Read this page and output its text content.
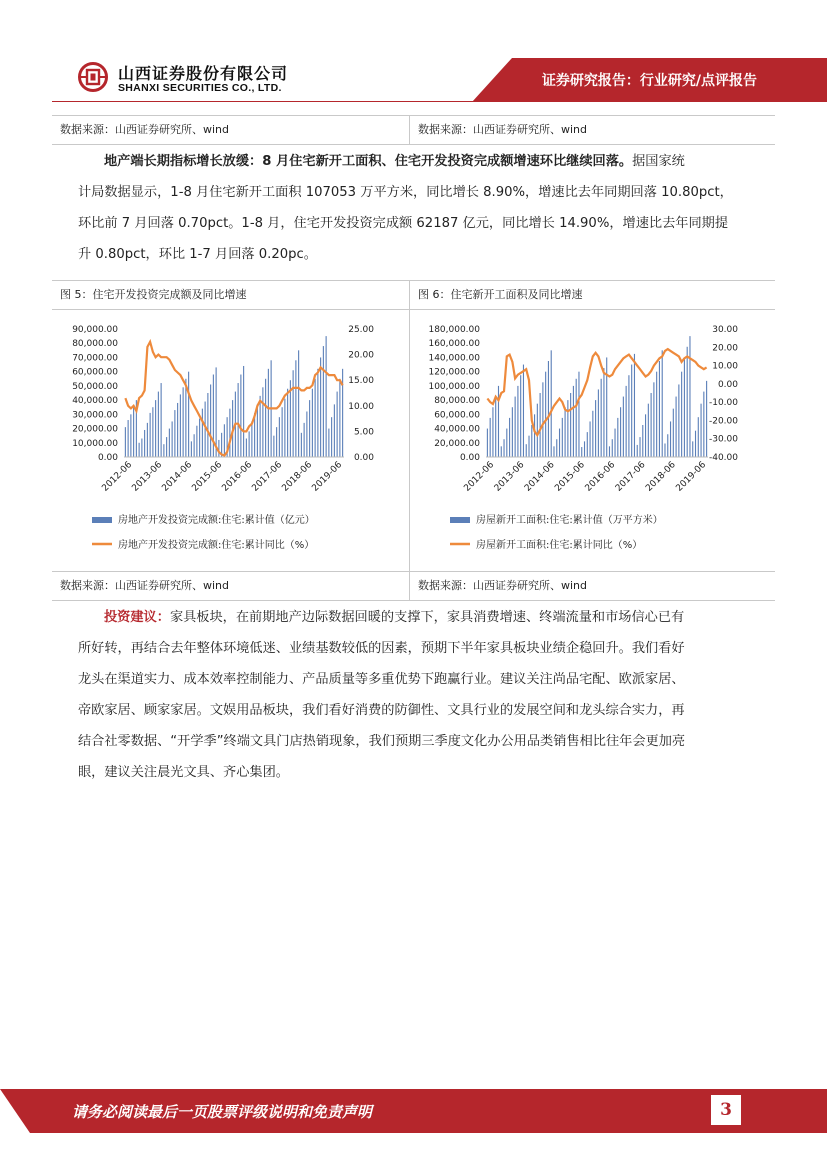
山西证券股份有限公司
SHANXI SECURITIES CO., LTD.	证券研究报告：行业研究/点评报告
数据来源：山西证券研究所、wind	数据来源：山西证券研究所、wind
地产端长期指标增长放缓：8 月住宅新开工面积、住宅开发投资完成额增速环比继续回落。据国家统
计局数据显示，1-8 月住宅新开工面积 107053 万平方米，同比增长 8.90%，增速比去年同期回落 10.80pct，
环比前 7 月回落 0.70pct。1-8 月，住宅开发投资完成额 62187 亿元，同比增长 14.90%，增速比去年同期提
升 0.80pct，环比 1-7 月回落 0.20pc。
图 5：住宅开发投资完成额及同比增速	图 6：住宅新开工面积及同比增速
90,000.00
80,000.00
70,000.00
60,000.00
50,000.00
40,000.00
30,000.00
20,000.00
10,000.00
0.00
25.00
20.00
15.00
10.00
5.00
0.00
2012-06
2013-06
2014-06
2015-06
2016-06
2017-06
2018-06
2019-06
房地产开发投资完成额:住宅:累计值（亿元）
房地产开发投资完成额:住宅:累计同比（%）
180,000.00
160,000.00
140,000.00
120,000.00
100,000.00
80,000.00
60,000.00
40,000.00
20,000.00
0.00
30.00
20.00
10.00
0.00
-10.00
-20.00
-30.00
-40.00
2012-06
2013-06
2014-06
2015-06
2016-06
2017-06
2018-06
2019-06
房屋新开工面积:住宅:累计值（万平方米）
房屋新开工面积:住宅:累计同比（%）
数据来源：山西证券研究所、wind	数据来源：山西证券研究所、wind
投资建议：家具板块，在前期地产边际数据回暖的支撑下，家具消费增速、终端流量和市场信心已有
所好转，再结合去年整体环境低迷、业绩基数较低的因素，预期下半年家具板块业绩企稳回升。我们看好
龙头在渠道实力、成本效率控制能力、产品质量等多重优势下跑赢行业。建议关注尚品宅配、欧派家居、
帝欧家居、顾家家居。文娱用品板块，我们看好消费的防御性、文具行业的发展空间和龙头综合实力，再
结合社零数据、“开学季”终端文具门店热销现象，我们预期三季度文化办公用品类销售相比往年会更加亮
眼，建议关注晨光文具、齐心集团。
请务必阅读最后一页股票评级说明和免责声明	3
